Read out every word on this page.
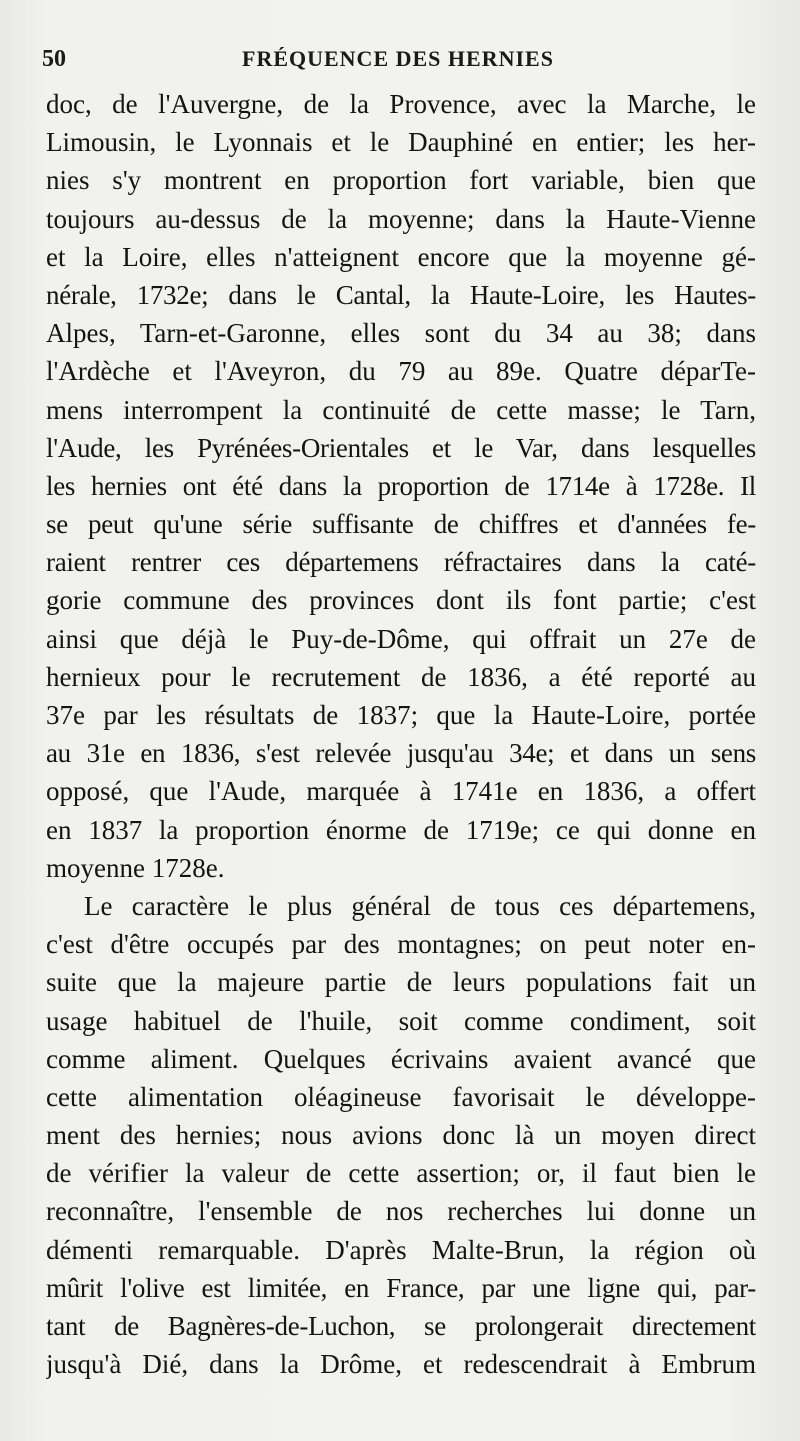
50	FRÉQUENCE DES HERNIES
doc, de l'Auvergne, de la Provence, avec la Marche, le
Limousin, le Lyonnais et le Dauphiné en entier; les her-
nies s'y montrent en proportion fort variable, bien que
toujours au-dessus de la moyenne; dans la Haute-Vienne
et la Loire, elles n'atteignent encore que la moyenne gé-
nérale, 1732e; dans le Cantal, la Haute-Loire, les Hautes-
Alpes, Tarn-et-Garonne, elles sont du 34 au 38; dans
l'Ardèche et l'Aveyron, du 79 au 89e. Quatre déparTe-
mens interrompent la continuité de cette masse; le Tarn,
l'Aude, les Pyrénées-Orientales et le Var, dans lesquelles
les hernies ont été dans la proportion de 1714e à 1728e. Il
se peut qu'une série suffisante de chiffres et d'années fe-
raient rentrer ces départemens réfractaires dans la caté-
gorie commune des provinces dont ils font partie; c'est
ainsi que déjà le Puy-de-Dôme, qui offrait un 27e de
hernieux pour le recrutement de 1836, a été reporté au
37e par les résultats de 1837; que la Haute-Loire, portée
au 31e en 1836, s'est relevée jusqu'au 34e; et dans un sens
opposé, que l'Aude, marquée à 1741e en 1836, a offert
en 1837 la proportion énorme de 1719e; ce qui donne en
moyenne 1728e.
Le caractère le plus général de tous ces départemens,
c'est d'être occupés par des montagnes; on peut noter en-
suite que la majeure partie de leurs populations fait un
usage habituel de l'huile, soit comme condiment, soit
comme aliment. Quelques écrivains avaient avancé que
cette alimentation oléagineuse favorisait le développe-
ment des hernies; nous avions donc là un moyen direct
de vérifier la valeur de cette assertion; or, il faut bien le
reconnaître, l'ensemble de nos recherches lui donne un
démenti remarquable. D'après Malte-Brun, la région où
mûrit l'olive est limitée, en France, par une ligne qui, par-
tant de Bagnères-de-Luchon, se prolongerait directement
jusqu'à Dié, dans la Drôme, et redescendrait à Embrum
